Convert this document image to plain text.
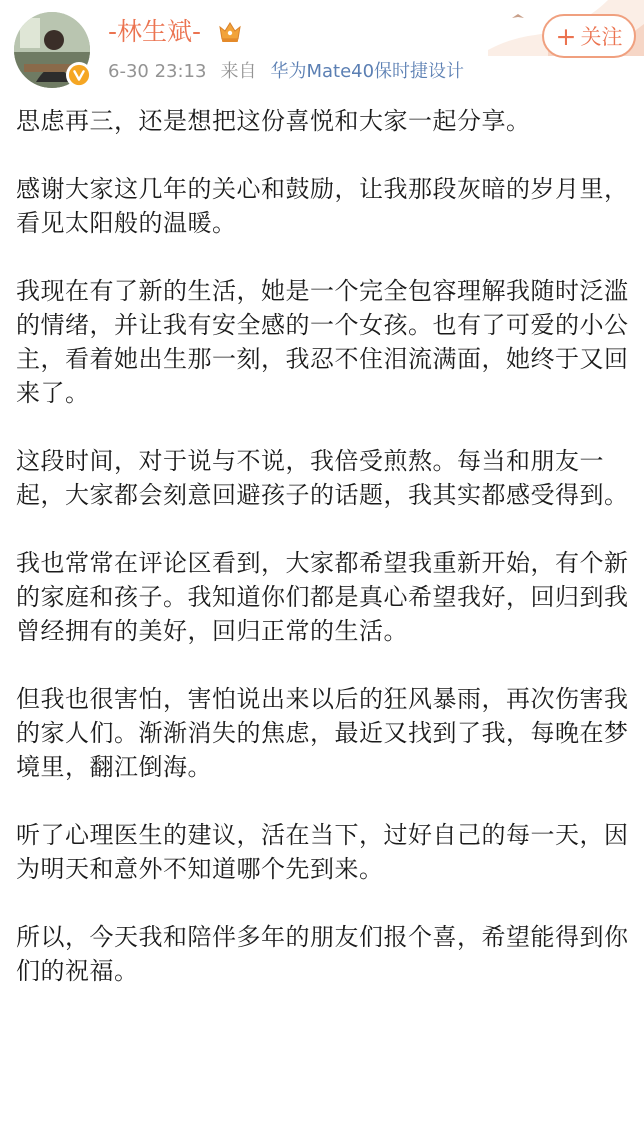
-林生斌-
6-30 23:13 来自 华为Mate40保时捷设计
+ 关注

思虑再三，还是想把这份喜悦和大家一起分享。

感谢大家这几年的关心和鼓励，让我那段灰暗的岁月里，看见太阳般的温暖。

我现在有了新的生活，她是一个完全包容理解我随时泛滥的情绪，并让我有安全感的一个女孩。也有了可爱的小公主，看着她出生那一刻，我忍不住泪流满面，她终于又回来了。

这段时间，对于说与不说，我倍受煎熬。每当和朋友一起，大家都会刻意回避孩子的话题，我其实都感受得到。

我也常常在评论区看到，大家都希望我重新开始，有个新的家庭和孩子。我知道你们都是真心希望我好，回归到我曾经拥有的美好，回归正常的生活。

但我也很害怕，害怕说出来以后的狂风暴雨，再次伤害我的家人们。渐渐消失的焦虑，最近又找到了我，每晚在梦境里，翻江倒海。

听了心理医生的建议，活在当下，过好自己的每一天，因为明天和意外不知道哪个先到来。

所以，今天我和陪伴多年的朋友们报个喜，希望能得到你们的祝福。
